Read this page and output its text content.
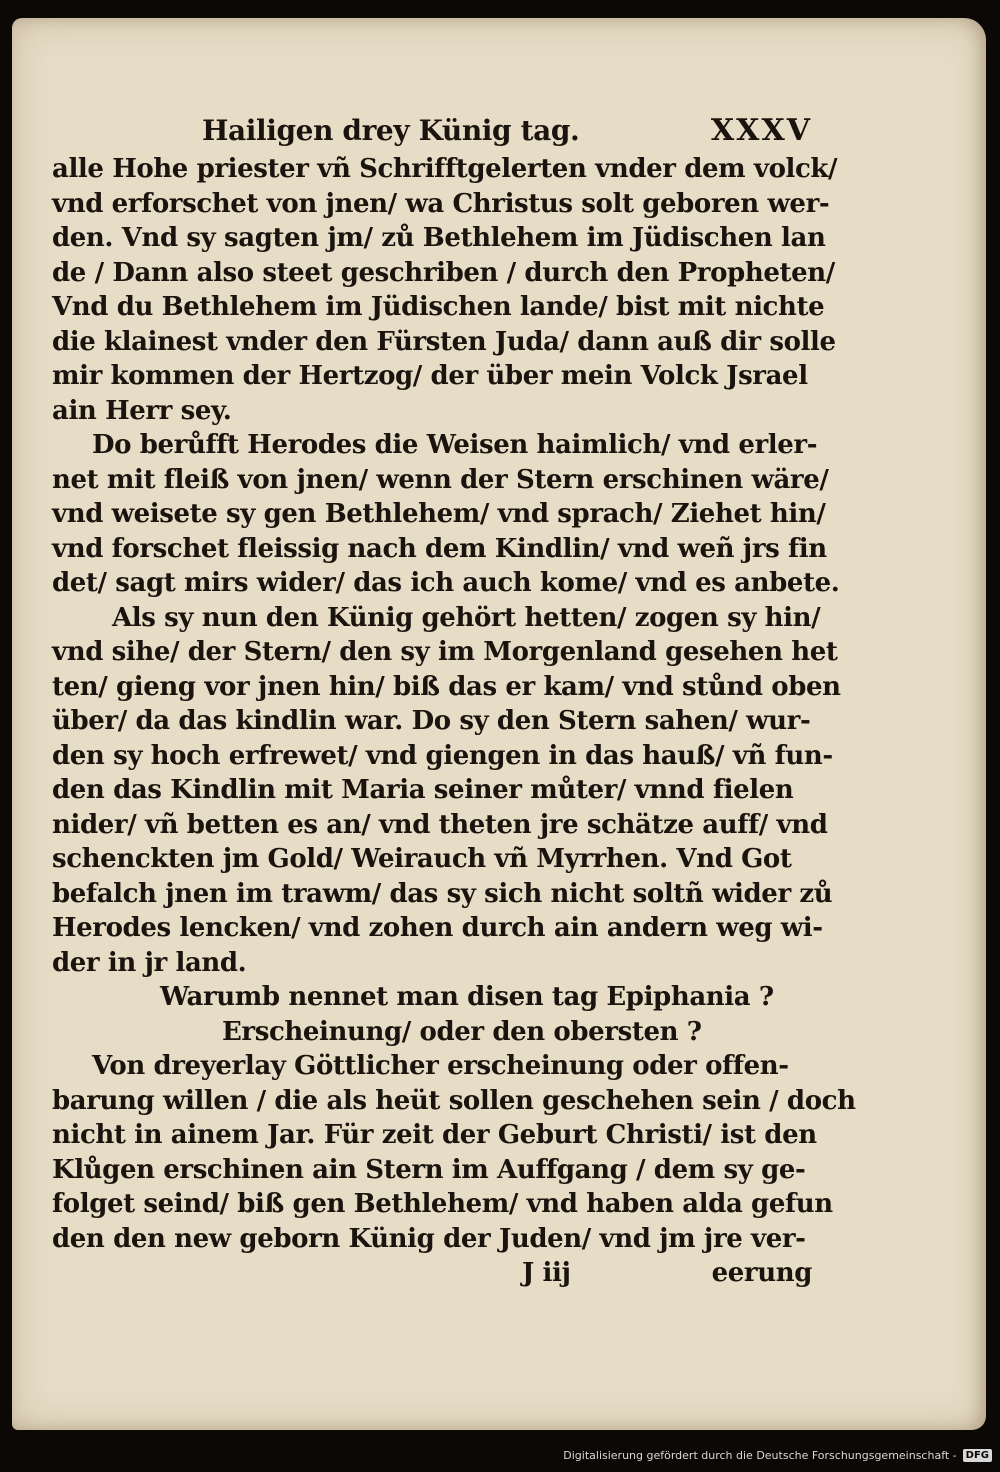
Hailigen drey Künig tag.	XXXV
alle Hohe priester vñ Schrifftgelerten vnder dem volck/
vnd erforschet von jnen/ wa Christus solt geboren wer-
den. Vnd sy sagten jm/ zů Bethlehem im Jüdischen lan
de / Dann also steet geschriben / durch den Propheten/
Vnd du Bethlehem im Jüdischen lande/ bist mit nichte
die klainest vnder den Fürsten Juda/ dann auß dir solle
mir kommen der Hertzog/ der über mein Volck Jsrael
ain Herr sey.
Do berůfft Herodes die Weisen haimlich/ vnd erler-
net mit fleiß von jnen/ wenn der Stern erschinen wäre/
vnd weisete sy gen Bethlehem/ vnd sprach/ Ziehet hin/
vnd forschet fleissig nach dem Kindlin/ vnd weñ jrs fin
det/ sagt mirs wider/ das ich auch kome/ vnd es anbete.
Als sy nun den Künig gehört hetten/ zogen sy hin/
vnd sihe/ der Stern/ den sy im Morgenland gesehen het
ten/ gieng vor jnen hin/ biß das er kam/ vnd stůnd oben
über/ da das kindlin war. Do sy den Stern sahen/ wur-
den sy hoch erfrewet/ vnd giengen in das hauß/ vñ fun-
den das Kindlin mit Maria seiner můter/ vnnd fielen
nider/ vñ betten es an/ vnd theten jre schätze auff/ vnd
schenckten jm Gold/ Weirauch vñ Myrrhen. Vnd Got
befalch jnen im trawm/ das sy sich nicht soltñ wider zů
Herodes lencken/ vnd zohen durch ain andern weg wi-
der in jr land.
Warumb nennet man disen tag Epiphania ?
Erscheinung/ oder den obersten ?
Von dreyerlay Göttlicher erscheinung oder offen-
barung willen / die als heüt sollen geschehen sein / doch
nicht in ainem Jar. Für zeit der Geburt Christi/ ist den
Klůgen erschinen ain Stern im Auffgang / dem sy ge-
folget seind/ biß gen Bethlehem/ vnd haben alda gefun
den den new geborn Künig der Juden/ vnd jm jre ver-
J iij	eerung
Digitalisierung gefördert durch die Deutsche Forschungsgemeinschaft - DFG
